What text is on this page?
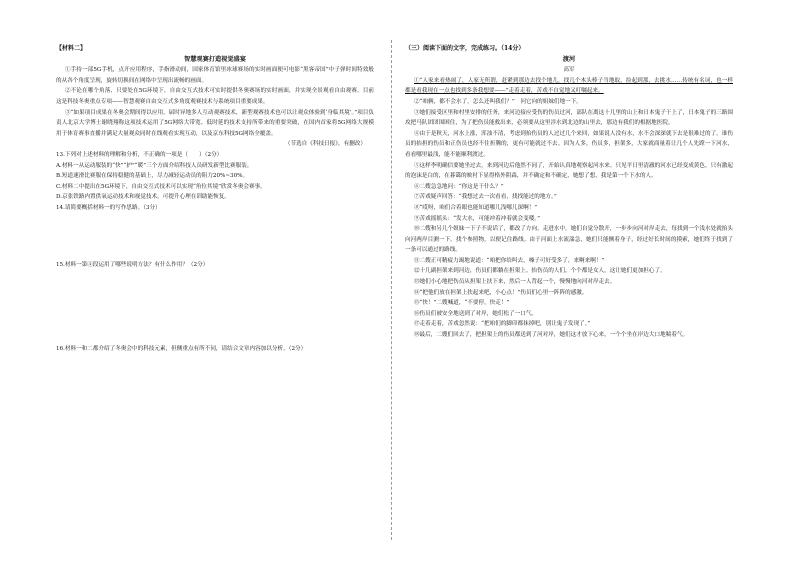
【材料二】
智慧观赛打造视觉盛宴

①手持一部5G手机，点开应用程序，手指滑动间，国家体育馆里冰球赛场的实时画面便可电影“黑客帝国”中子弹时间特效般的从各个角度呈现，旋转切换间在网络中呈现出流畅的画面。

②不论在哪个角落，只要处在5G环境下，自由交互式技术可实时提供冬奥赛场的实时画面，并实现全景观看自由观赛。目前这是科技冬奥重点专项——智慧观赛自由交互式多角度观赛技术与系统项目重要成果。

③“如果项目成果在冬奥会期间得以应用，届时异地多人互动观赛技术，新型观赛技术也可以让观众体验到‘身临其境’。”项目负责人北京大学博士谢晓翔称这项技术运用了5G网络大带宽、低时延的技术支持所带来的重要突破，在国内首家将5G网络大规模用于体育赛事直播并满足大量观众同时在线观看实现互动，以及京东科技5G网络全覆盖。

（节选自《科技日报》，有删改）

13.下列对上述材料的理解和分析，不正确的一项是（　　）（2分）

A.材料一从运动服装的“快”“护”“暖”三个方面介绍科技人员研发新型比赛服装。

B.短道速滑比赛服在保持稳健的基础上，尽力减轻运动员的阻力20%~30%。

C.材料二中提出在5G环境下，自由交互式技术可以实现“角位其境”欣赏冬奥会赛事。

D.京张铁路内置供氧运动技术和视觉技术，可提升心理在训助能恢复。

14.请简要概括材料一的写作思路。（3分）

15.材料一第④段运用了哪些说明方法？有什么作用？（2分）

16.材料一和二都介绍了冬奥会中的科技元素，但侧重点有所不同，请结合文章内容加以分析。（2分）

（三）阅读下面的文字，完成练习。（14分）

渡河

高军

①“人家来看热闹了，人家无所谓，赶紧到那边去找个地儿，找几个木头棒子当地取，捡起到那，去挑水……传统有名词，也一样都是看我现在一点也找到多条我想要——”走着走着，苦戏不自觉地又叮嘱起来。

②“咱俩，都不会水了，怎么还叫我们？”　问它向的姐妹们地一下。

③她们接受区里和村里安排的任务，来河边接应受伤的伤员过河，部队在离这十几里的山上和日本鬼子干上了，日本鬼子的三路围攻把马队团团围困住，为了把伤员能救出来，必须要从这里涉水到北边的山里去，那边有我们的根据地医院。

④由于是秋天，河水上涨，浑浊不清，考虑到抬伤员的人过过几个来回，如果说人没有水，水不会深深就下去是很难过的了。谁伤员的抬担的伤员和正伤员也经不住折腾的，更有可能就过不去。因为人多，伤员多，担架多，大家就商量着让几个人先蹚一下河水，看看哪里最浅，能不能顺利渡过。

⑤这样李明确信要她坐过去，来到河边后他然不同了，开始认真地观察起河水来。只见平日里清澈的河水已经变成黄色，只有激起的泡沫是白的，在暮霭的映衬下显得格外阴森，并不确定和不确定，她想了想，我是第一个下水的人。

⑥二嫂急急地问：“你这是干什么？”

⑦苦戏疑声回答：“我想过去一次看看，找找能过的地方。”

⑧“哎呀，咱们合着眼也能知道哪儿浅哪儿深啊！”

⑨苦戏摇摇头：“发大水，可能冲着冲着就会变喽。”

⑩二嫂和另几个姐妹一下子不说话了，都改了方向，走进水中。她们自觉分散开，一步步向河对岸走去，每找到一个浅水处就抬头向河两岸目测一下。找个参照物，以便记住路线。由于河面上水流湍急，她们只能侧着身子，经过好长时间的摸索，她们终于找到了一条可以通过的路线。

⑪二嫂正可精疲力竭地说道：“咱把你给叫去，嗓子可好受多了，来啊来啊！”

⑫十几副担架来到河边，伤员们都躺在担架上。抬伤员的人们，个个都是女人，这让她们更加担心了。

⑬她们小心地把伤员从担架上扶下来，然后一人背起一个，慢慢地向河对岸走去。

⑭“把他们放在担架上扶起来吧，小心点！”伤员们心里一阵阵的感激。

⑮“快！”二嫂喊道，“不要停，快走！”

⑯伤员们被安全地送到了对岸，她们松了一口气。

⑰走着走着，苦戏忽然说：“把咱们的脚印都抹掉吧，别让鬼子发现了。”

⑱最后，二嫂们回去了，把担架上的伤员都送到了河对岸，她们这才放下心来，一个个坐在岸边大口地喘着气。
